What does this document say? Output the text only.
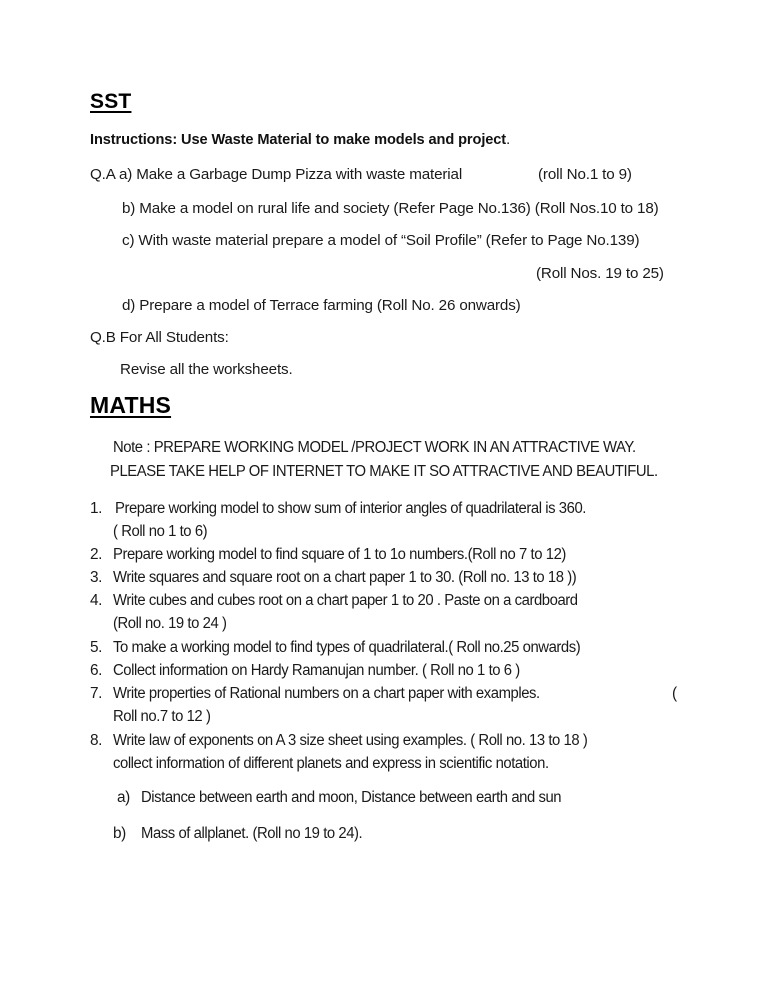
SST
Instructions: Use Waste Material to make models and project.
Q.A a) Make a Garbage Dump Pizza with waste material	(roll No.1 to 9)
b) Make a model on rural life and society (Refer Page No.136) (Roll Nos.10 to 18)
c) With waste material prepare a model of “Soil Profile” (Refer to Page No.139)
(Roll Nos. 19 to 25)
d) Prepare a model of Terrace farming (Roll No. 26 onwards)
Q.B For All Students:
Revise all the worksheets.
MATHS
Note : PREPARE WORKING MODEL /PROJECT WORK IN AN ATTRACTIVE WAY.
PLEASE TAKE HELP OF INTERNET TO MAKE IT SO ATTRACTIVE AND BEAUTIFUL.
1. Prepare working model to show sum of interior angles of quadrilateral is 360.
( Roll no 1 to 6)
2. Prepare working model to find square of 1 to 1o numbers.(Roll no 7 to 12)
3. Write squares and square root on a chart paper 1 to 30. (Roll no. 13 to 18 ))
4. Write cubes and cubes root on a chart paper 1 to 20 . Paste on a cardboard
(Roll no. 19 to 24 )
5. To make a working model to find types of quadrilateral.( Roll no.25 onwards)
6. Collect information on Hardy Ramanujan number. ( Roll no 1 to 6 )
7. Write properties of Rational numbers on a chart paper with examples.	(
Roll no.7 to 12 )
8. Write law of exponents on A 3 size sheet using examples. ( Roll no. 13 to 18 )
collect information of different planets and express in scientific notation.
a) Distance between earth and moon, Distance between earth and sun
b) Mass of allplanet. (Roll no 19 to 24).
